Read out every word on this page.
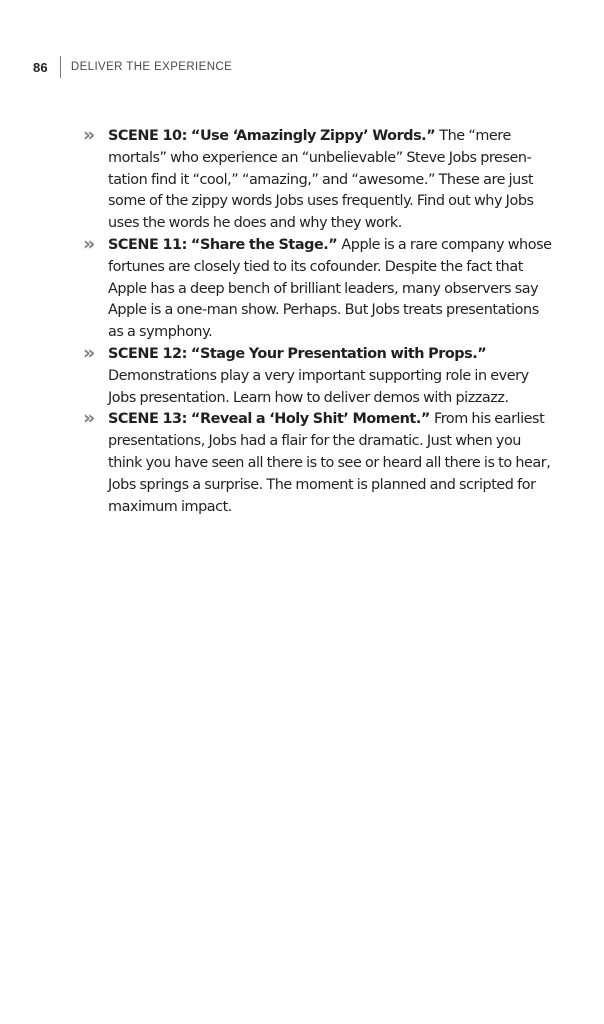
86 DELIVER THE EXPERIENCE
» SCENE 10: “Use ‘Amazingly Zippy’ Words.” The “mere mortals” who experience an “unbelievable” Steve Jobs presentation find it “cool,” “amazing,” and “awesome.” These are just some of the zippy words Jobs uses frequently. Find out why Jobs uses the words he does and why they work.
» SCENE 11: “Share the Stage.” Apple is a rare company whose fortunes are closely tied to its cofounder. Despite the fact that Apple has a deep bench of brilliant leaders, many observers say Apple is a one-man show. Perhaps. But Jobs treats presentations as a symphony.
» SCENE 12: “Stage Your Presentation with Props.” Demonstrations play a very important supporting role in every Jobs presentation. Learn how to deliver demos with pizzazz.
» SCENE 13: “Reveal a ‘Holy Shit’ Moment.” From his earliest presentations, Jobs had a flair for the dramatic. Just when you think you have seen all there is to see or heard all there is to hear, Jobs springs a surprise. The moment is planned and scripted for maximum impact.
